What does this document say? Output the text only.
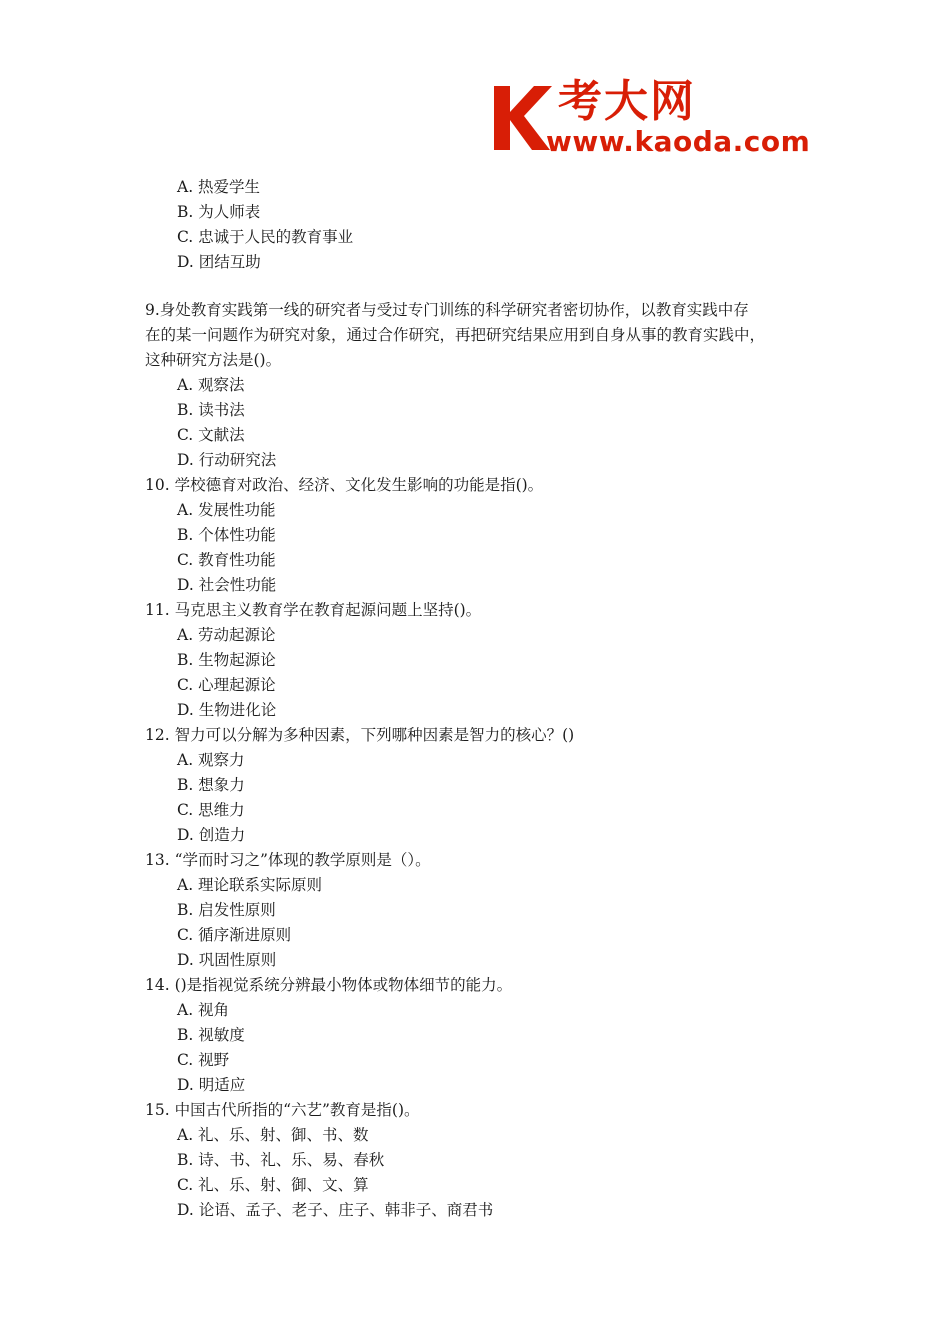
考大网
www.kaoda.com
A. 热爱学生
B. 为人师表
C. 忠诚于人民的教育事业
D. 团结互助
9.身处教育实践第一线的研究者与受过专门训练的科学研究者密切协作，以教育实践中存
在的某一问题作为研究对象，通过合作研究，再把研究结果应用到自身从事的教育实践中，
这种研究方法是()。
A. 观察法
B. 读书法
C. 文献法
D. 行动研究法
10. 学校德育对政治、经济、文化发生影响的功能是指()。
A. 发展性功能
B. 个体性功能
C. 教育性功能
D. 社会性功能
11. 马克思主义教育学在教育起源问题上坚持()。
A. 劳动起源论
B. 生物起源论
C. 心理起源论
D. 生物进化论
12. 智力可以分解为多种因素，下列哪种因素是智力的核心？()
A. 观察力
B. 想象力
C. 思维力
D. 创造力
13. “学而时习之”体现的教学原则是（）。
A. 理论联系实际原则
B. 启发性原则
C. 循序渐进原则
D. 巩固性原则
14. ()是指视觉系统分辨最小物体或物体细节的能力。
A. 视角
B. 视敏度
C. 视野
D. 明适应
15. 中国古代所指的“六艺”教育是指()。
A. 礼、乐、射、御、书、数
B. 诗、书、礼、乐、易、春秋
C. 礼、乐、射、御、文、算
D. 论语、孟子、老子、庄子、韩非子、商君书
